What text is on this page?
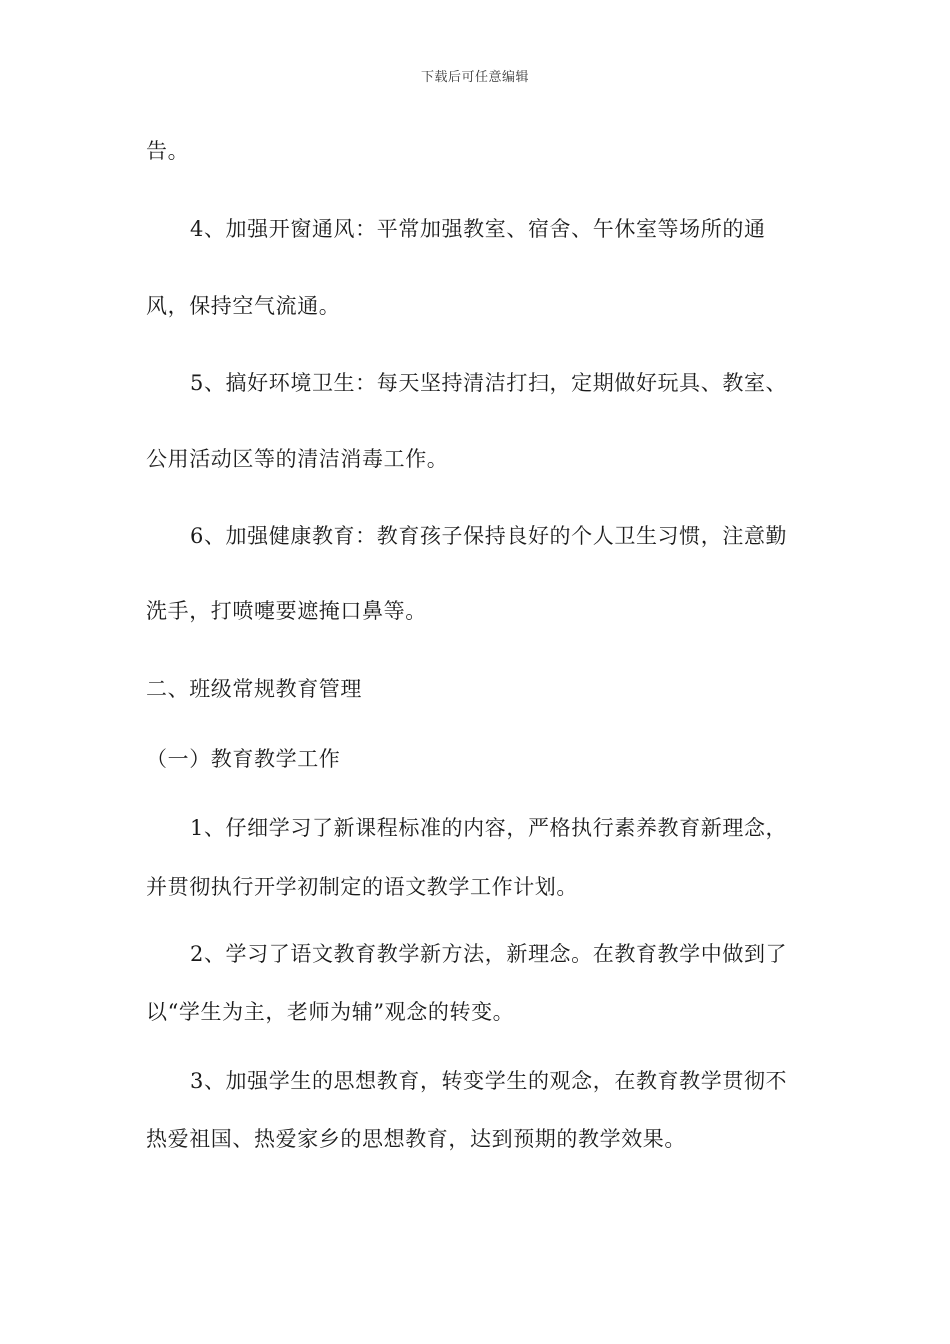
下载后可任意编辑
告。
4、加强开窗通风：平常加强教室、宿舍、午休室等场所的通
风，保持空气流通。
5、搞好环境卫生：每天坚持清洁打扫，定期做好玩具、教室、
公用活动区等的清洁消毒工作。
6、加强健康教育：教育孩子保持良好的个人卫生习惯，注意勤
洗手，打喷嚏要遮掩口鼻等。
二、班级常规教育管理
（一）教育教学工作
1、仔细学习了新课程标准的内容，严格执行素养教育新理念，
并贯彻执行开学初制定的语文教学工作计划。
2、学习了语文教育教学新方法，新理念。在教育教学中做到了
以“学生为主，老师为辅”观念的转变。
3、加强学生的思想教育，转变学生的观念，在教育教学贯彻不
热爱祖国、热爱家乡的思想教育，达到预期的教学效果。
